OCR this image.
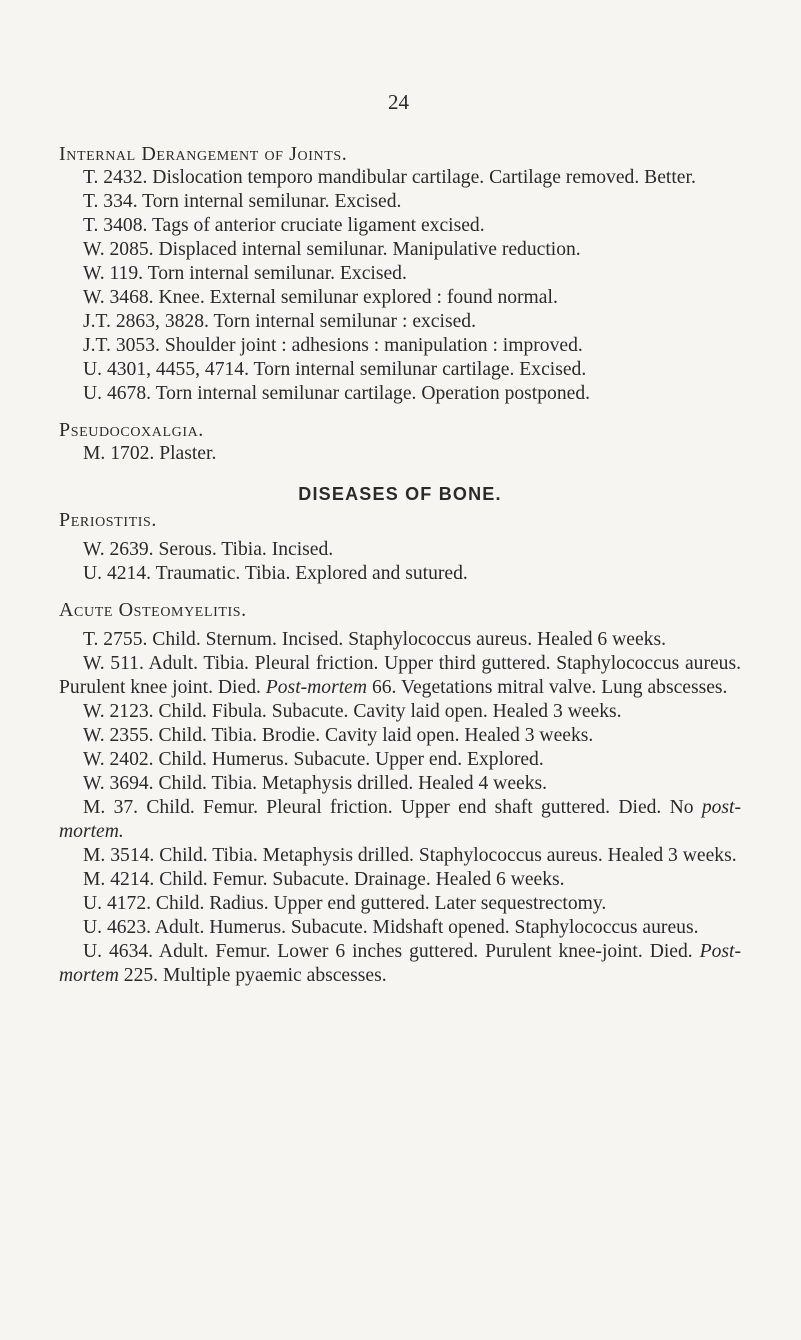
24

Internal Derangement of Joints.

T. 2432. Dislocation temporo mandibular cartilage. Cartilage removed. Better.

T. 334. Torn internal semilunar. Excised.

T. 3408. Tags of anterior cruciate ligament excised.

W. 2085. Displaced internal semilunar. Manipulative reduction.

W. 119. Torn internal semilunar. Excised.

W. 3468. Knee. External semilunar explored : found normal.

J.T. 2863, 3828. Torn internal semilunar : excised.

J.T. 3053. Shoulder joint : adhesions : manipulation : improved.

U. 4301, 4455, 4714. Torn internal semilunar cartilage. Excised.

U. 4678. Torn internal semilunar cartilage. Operation postponed.

Pseudocoxalgia.

M. 1702. Plaster.

DISEASES OF BONE.

Periostitis.

W. 2639. Serous. Tibia. Incised.

U. 4214. Traumatic. Tibia. Explored and sutured.

Acute Osteomyelitis.

T. 2755. Child. Sternum. Incised. Staphylococcus aureus. Healed 6 weeks.

W. 511. Adult. Tibia. Pleural friction. Upper third guttered. Staphylococcus aureus. Purulent knee joint. Died. Post-mortem 66. Vegetations mitral valve. Lung abscesses.

W. 2123. Child. Fibula. Subacute. Cavity laid open. Healed 3 weeks.

W. 2355. Child. Tibia. Brodie. Cavity laid open. Healed 3 weeks.

W. 2402. Child. Humerus. Subacute. Upper end. Explored.

W. 3694. Child. Tibia. Metaphysis drilled. Healed 4 weeks.

M. 37. Child. Femur. Pleural friction. Upper end shaft guttered. Died. No post-mortem.

M. 3514. Child. Tibia. Metaphysis drilled. Staphylococcus aureus. Healed 3 weeks.

M. 4214. Child. Femur. Subacute. Drainage. Healed 6 weeks.

U. 4172. Child. Radius. Upper end guttered. Later sequestrectomy.

U. 4623. Adult. Humerus. Subacute. Midshaft opened. Staphylococcus aureus.

U. 4634. Adult. Femur. Lower 6 inches guttered. Purulent knee-joint. Died. Post-mortem 225. Multiple pyaemic abscesses.
